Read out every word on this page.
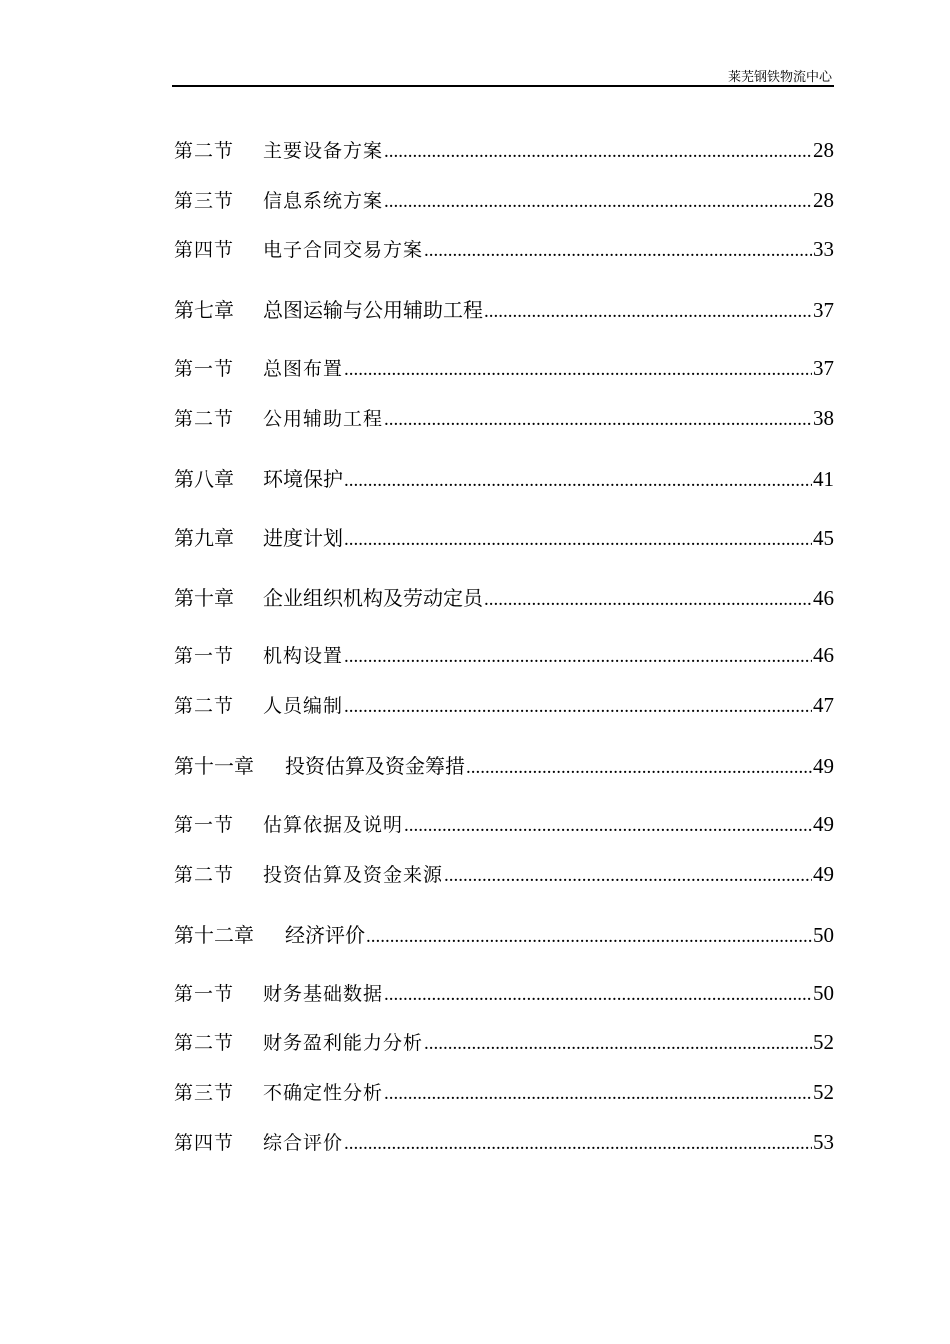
莱芜钢铁物流中心
第二节	主要设备方案 .....	28
第三节	信息系统方案 .....	28
第四节	电子合同交易方案 .....	33
第七章	总图运输与公用辅助工程 .....	37
第一节	总图布置 .....	37
第二节	公用辅助工程 .....	38
第八章	环境保护 .....	41
第九章	进度计划 .....	45
第十章	企业组织机构及劳动定员 .....	46
第一节	机构设置 .....	46
第二节	人员编制 .....	47
第十一章	投资估算及资金筹措 .....	49
第一节	估算依据及说明 .....	49
第二节	投资估算及资金来源 .....	49
第十二章	经济评价 .....	50
第一节	财务基础数据 .....	50
第二节	财务盈利能力分析 .....	52
第三节	不确定性分析 .....	52
第四节	综合评价 .....	53
